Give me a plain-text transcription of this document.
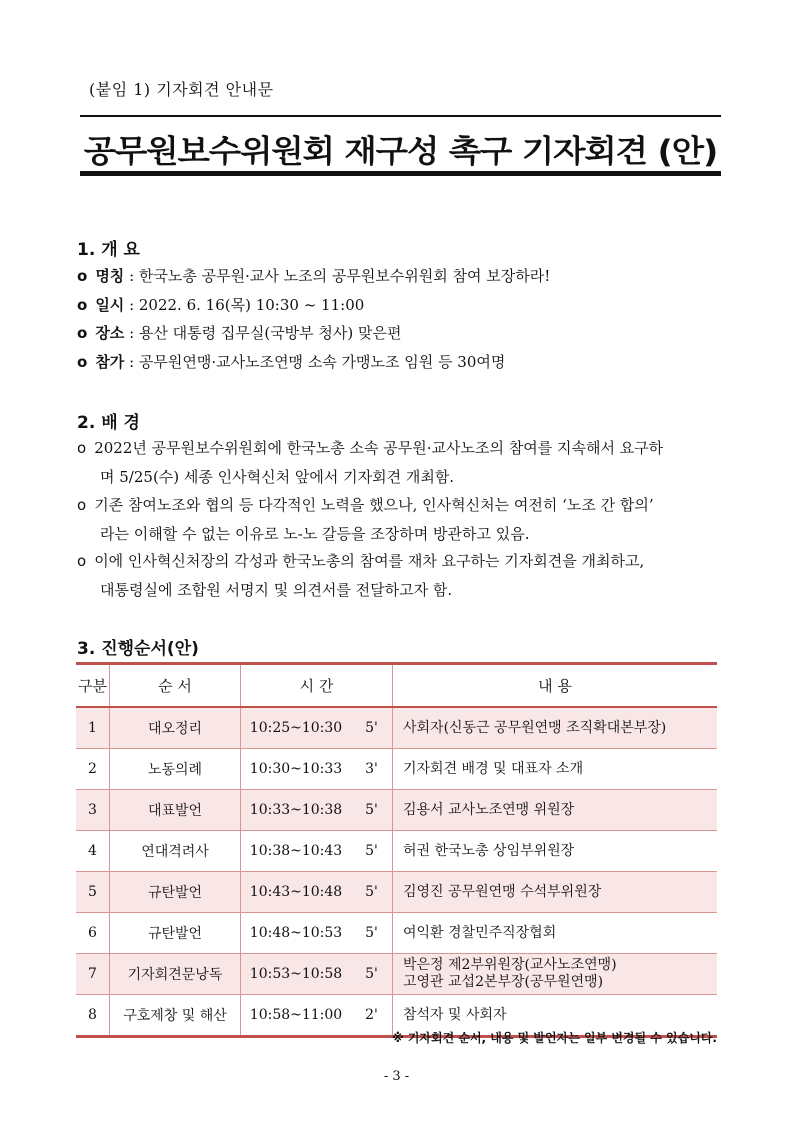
(붙임 1) 기자회견 안내문
공무원보수위원회 재구성 촉구 기자회견 (안)
1. 개 요
o 명칭 : 한국노총 공무원·교사 노조의 공무원보수위원회 참여 보장하라!
o 일시 : 2022. 6. 16(목) 10:30 ~ 11:00
o 장소 : 용산 대통령 집무실(국방부 청사) 맞은편
o 참가 : 공무원연맹·교사노조연맹 소속 가맹노조 임원 등 30여명
2. 배 경
o 2022년 공무원보수위원회에 한국노총 소속 공무원·교사노조의 참여를 지속해서 요구하
며 5/25(수) 세종 인사혁신처 앞에서 기자회견 개최함.
o 기존 참여노조와 협의 등 다각적인 노력을 했으나, 인사혁신처는 여전히 ‘노조 간 합의’
라는 이해할 수 없는 이유로 노-노 갈등을 조장하며 방관하고 있음.
o 이에 인사혁신처장의 각성과 한국노총의 참여를 재차 요구하는 기자회견을 개최하고,
대통령실에 조합원 서명지 및 의견서를 전달하고자 함.
3. 진행순서(안)
구분	순 서	시 간		내 용
1	대오정리	10:25~10:30	5'	사회자(신동근 공무원연맹 조직확대본부장)

2	노동의례	10:30~10:33	3'	기자회견 배경 및 대표자 소개

3	대표발언	10:33~10:38	5'	김용서 교사노조연맹 위원장

4	연대격려사	10:38~10:43	5'	허권 한국노총 상임부위원장

5	규탄발언	10:43~10:48	5'	김영진 공무원연맹 수석부위원장

6	규탄발언	10:48~10:53	5'	여익환 경찰민주직장협회

7	기자회견문낭독	10:53~10:58	5'	박은정 제2부위원장(교사노조연맹)
고영관 교섭2본부장(공무원연맹)

8	구호제창 및 해산	10:58~11:00	2'	참석자 및 사회자
※ 기자회견 순서, 내용 및 발언자는 일부 변경될 수 있습니다.
- 3 -
